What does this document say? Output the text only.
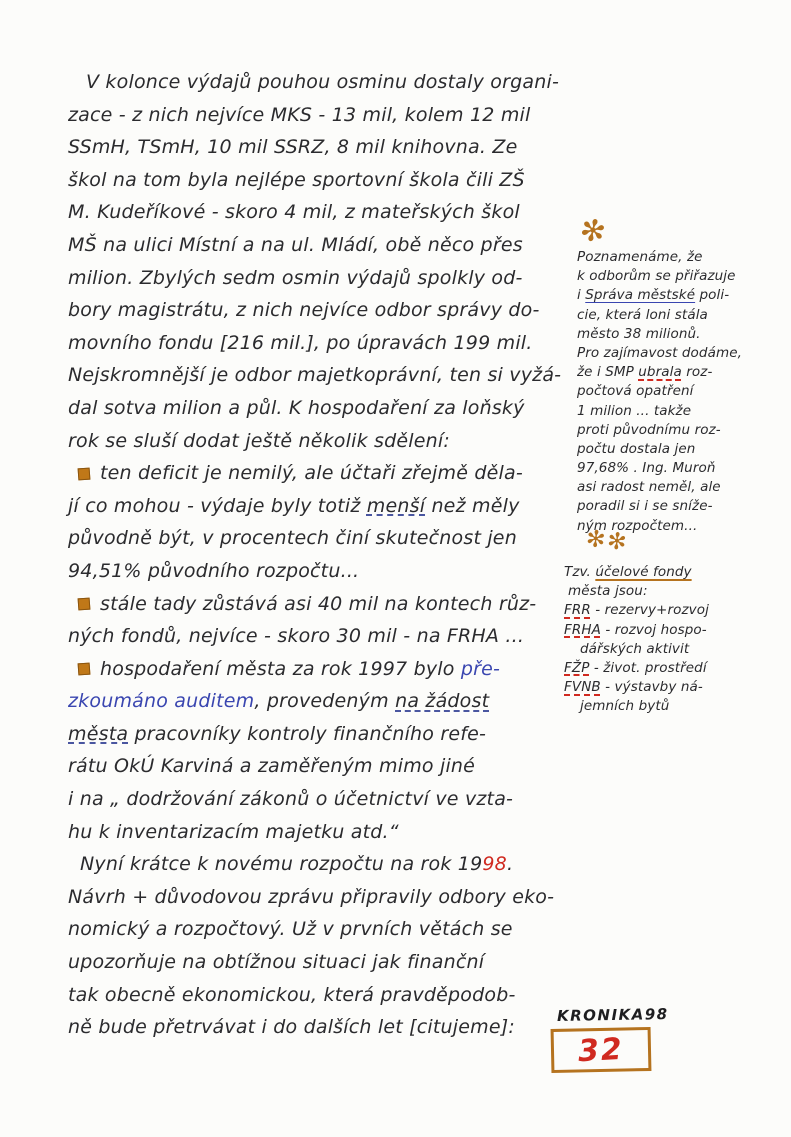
V kolonce výdajů pouhou osminu dostaly organi-
zace - z nich nejvíce MKS - 13 mil, kolem 12 mil
SSmH, TSmH, 10 mil SSRZ, 8 mil knihovna. Ze
škol na tom byla nejlépe sportovní škola čili ZŠ
M. Kudeříkové - skoro 4 mil, z mateřských škol
MŠ na ulici Místní a na ul. Mládí, obě něco přes
milion. Zbylých sedm osmin výdajů spolkly od-
bory magistrátu, z nich nejvíce odbor správy do-
movního fondu [216 mil.], po úpravách 199 mil.
Nejskromnější je odbor majetkoprávní, ten si vyžá-
dal sotva milion a půl. K hospodaření za loňský
rok se sluší dodat ještě několik sdělení:
ten deficit je nemilý, ale účtaři zřejmě děla-
jí co mohou - výdaje byly totiž menší než měly
původně být, v procentech činí skutečnost jen
94,51% původního rozpočtu...
stále tady zůstává asi 40 mil na kontech růz-
ných fondů, nejvíce - skoro 30 mil - na FRHA ...
hospodaření města za rok 1997 bylo pře-
zkoumáno auditem, provedeným na žádost
města pracovníky kontroly finančního refe-
rátu OkÚ Karviná a zaměřeným mimo jiné
i na „ dodržování zákonů o účetnictví ve vzta-
hu k inventarizacím majetku atd.“
Nyní krátce k novému rozpočtu na rok 1998.
Návrh + důvodovou zprávu připravily odbory eko-
nomický a rozpočtový. Už v prvních větách se
upozorňuje na obtížnou situaci jak finanční
tak obecně ekonomickou, která pravděpodob-
ně bude přetrvávat i do dalších let [citujeme]:
✻
Poznamenáme, že
k odborům se přiřazuje
i Správa městské poli-
cie, která loni stála
město 38 milionů.
Pro zajímavost dodáme,
že i SMP ubrala roz-
počtová opatření
1 milion ... takže
proti původnímu roz-
počtu dostala jen
97,68% . Ing. Muroň
asi radost neměl, ale
poradil si i se sníže-
ným rozpočtem...
✻✻
Tzv. účelové fondy
města jsou:
FRR - rezervy+rozvoj
FRHA - rozvoj hospo-
dářských aktivit
FŽP - život. prostředí
FVNB - výstavby ná-
jemních bytů
KRONIKA98
32
